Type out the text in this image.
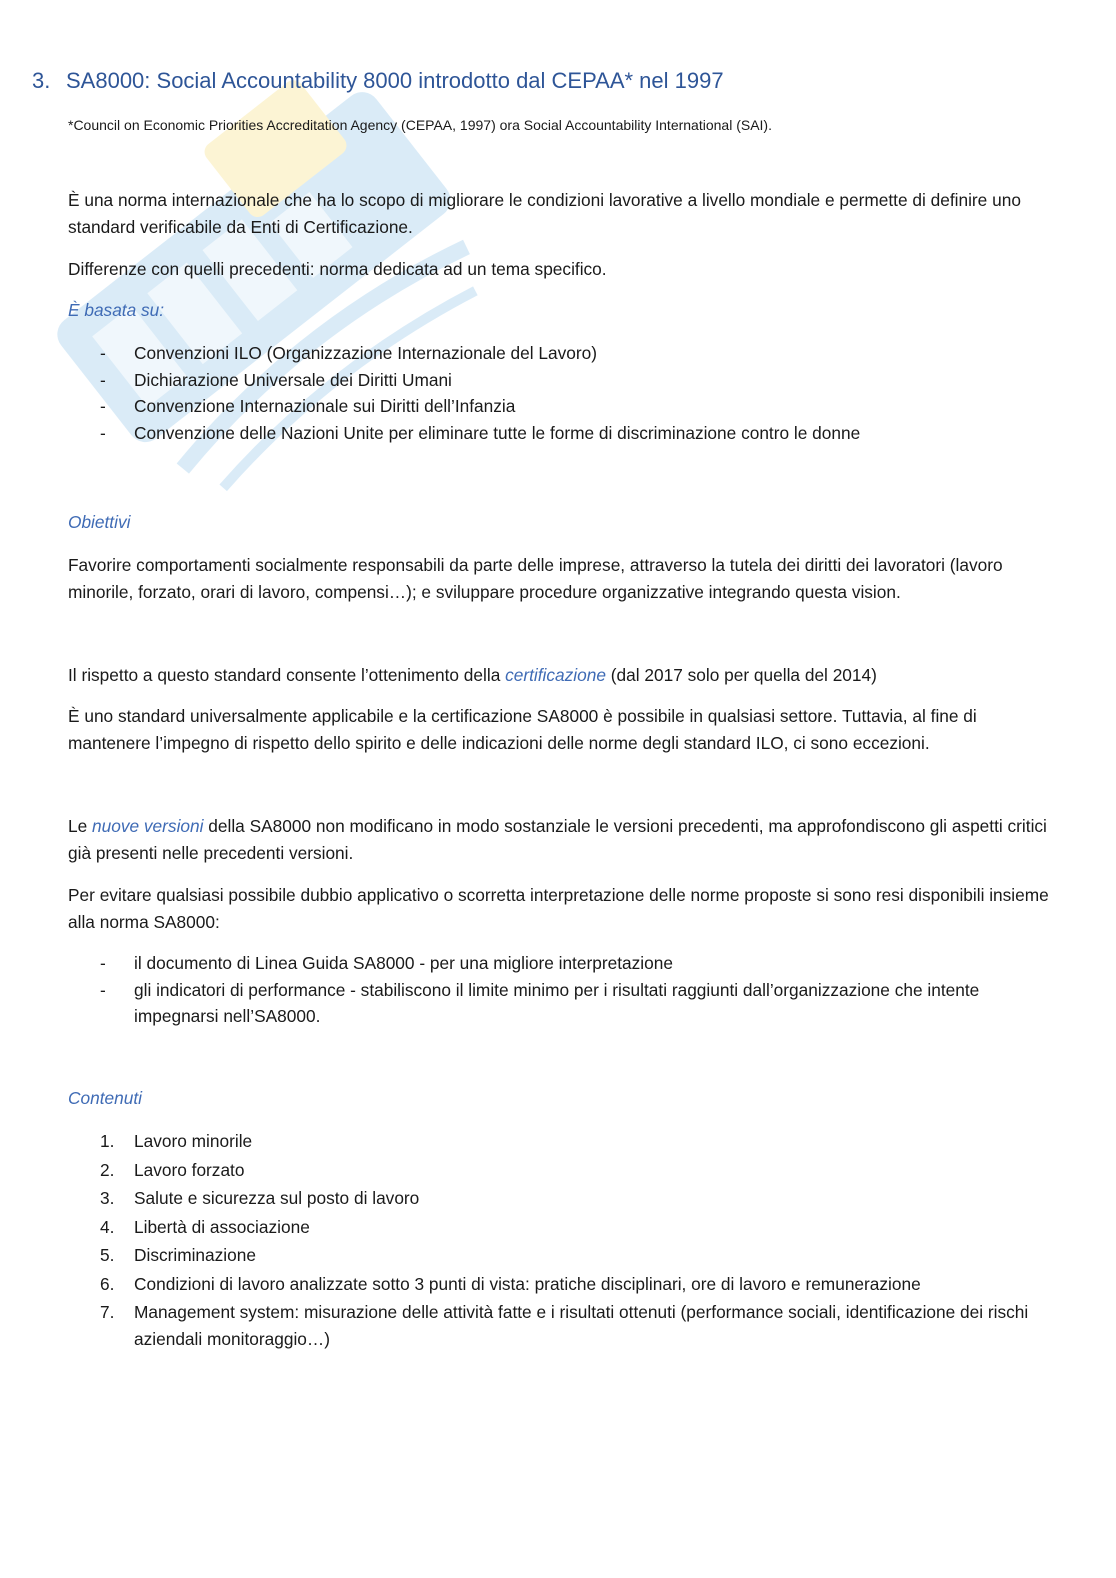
3. SA8000: Social Accountability 8000 introdotto dal CEPAA* nel 1997
*Council on Economic Priorities Accreditation Agency (CEPAA, 1997) ora Social Accountability International (SAI).
È una norma internazionale che ha lo scopo di migliorare le condizioni lavorative a livello mondiale e permette di definire uno standard verificabile da Enti di Certificazione.
Differenze con quelli precedenti: norma dedicata ad un tema specifico.
È basata su:
- Convenzioni ILO (Organizzazione Internazionale del Lavoro)
- Dichiarazione Universale dei Diritti Umani
- Convenzione Internazionale sui Diritti dell’Infanzia
- Convenzione delle Nazioni Unite per eliminare tutte le forme di discriminazione contro le donne
Obiettivi
Favorire comportamenti socialmente responsabili da parte delle imprese, attraverso la tutela dei diritti dei lavoratori (lavoro minorile, forzato, orari di lavoro, compensi…); e sviluppare procedure organizzative integrando questa vision.
Il rispetto a questo standard consente l’ottenimento della certificazione (dal 2017 solo per quella del 2014)
È uno standard universalmente applicabile e la certificazione SA8000 è possibile in qualsiasi settore. Tuttavia, al fine di mantenere l’impegno di rispetto dello spirito e delle indicazioni delle norme degli standard ILO, ci sono eccezioni.
Le nuove versioni della SA8000 non modificano in modo sostanziale le versioni precedenti, ma approfondiscono gli aspetti critici già presenti nelle precedenti versioni.
Per evitare qualsiasi possibile dubbio applicativo o scorretta interpretazione delle norme proposte si sono resi disponibili insieme alla norma SA8000:
- il documento di Linea Guida SA8000 - per una migliore interpretazione
- gli indicatori di performance - stabiliscono il limite minimo per i risultati raggiunti dall’organizzazione che intente impegnarsi nell’SA8000.
Contenuti
1. Lavoro minorile
2. Lavoro forzato
3. Salute e sicurezza sul posto di lavoro
4. Libertà di associazione
5. Discriminazione
6. Condizioni di lavoro analizzate sotto 3 punti di vista: pratiche disciplinari, ore di lavoro e remunerazione
7. Management system: misurazione delle attività fatte e i risultati ottenuti (performance sociali, identificazione dei rischi aziendali monitoraggio…)
